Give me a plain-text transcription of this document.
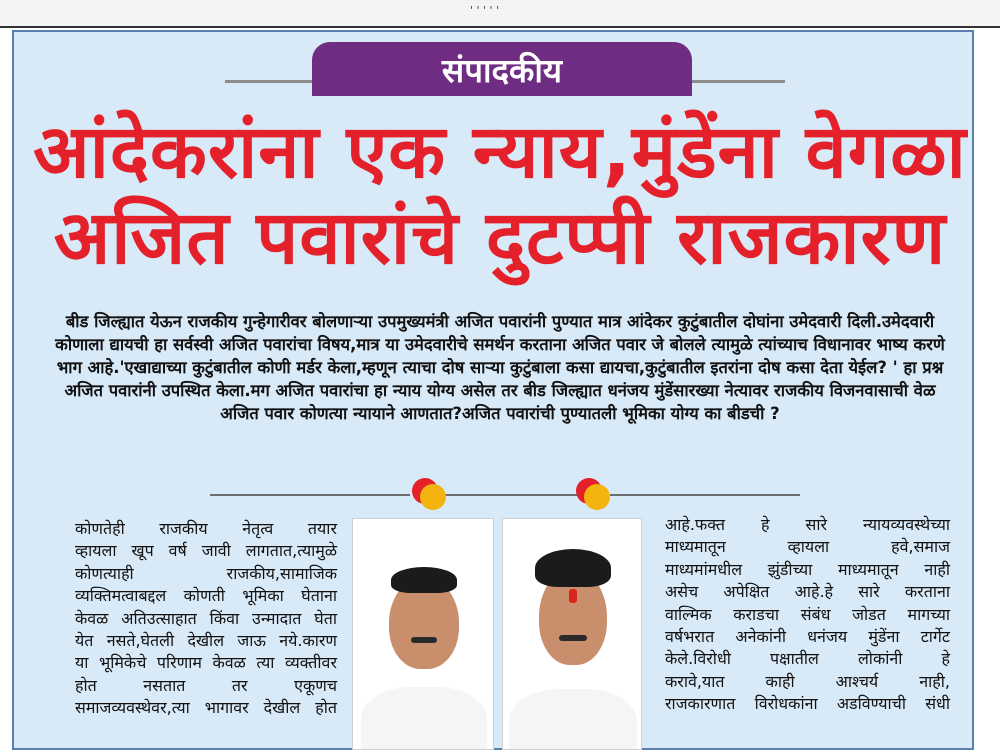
' ' ' ' '
संपादकीय
आंदेकरांना एक न्याय,मुंडेंना वेगळा
अजित पवारांचे दुटप्पी राजकारण
बीड जिल्ह्यात येऊन राजकीय गुन्हेगारीवर बोलणाऱ्या उपमुख्यमंत्री अजित पवारांनी पुण्यात मात्र आंदेकर कुटुंबातील दोघांना उमेदवारी दिली.उमेदवारी कोणाला द्यायची हा सर्वस्वी अजित पवारांचा विषय,मात्र या उमेदवारीचे समर्थन करताना अजित पवार जे बोलले त्यामुळे त्यांच्याच विधानावर भाष्य करणे भाग आहे.'एखाद्याच्या कुटुंबातील कोणी मर्डर केला,म्हणून त्याचा दोष साऱ्या कुटुंबाला कसा द्यायचा,कुटुंबातील इतरांना दोष कसा देता येईल? ' हा प्रश्न अजित पवारांनी उपस्थित केला.मग अजित पवारांचा हा न्याय योग्य असेल तर बीड जिल्ह्यात धनंजय मुंडेंसारख्या नेत्यावर राजकीय विजनवासाची वेळ अजित पवार कोणत्या न्यायाने आणतात?अजित पवारांची पुण्यातली भूमिका योग्य का बीडची ?

कोणतेही राजकीय नेतृत्व तयार

व्हायला खूप वर्ष जावी लागतात,त्यामुळे

कोणत्याही राजकीय,सामाजिक

व्यक्तिमत्वाबद्दल कोणती भूमिका घेताना

केवळ अतिउत्साहात किंवा उन्मादात घेता

येत नसते,घेतली देखील जाऊ नये.कारण

या भूमिकेचे परिणाम केवळ त्या व्यक्तीवर

होत नसतात तर एकूणच

समाजव्यवस्थेवर,त्या भागावर देखील होत

आहे.फक्त हे सारे न्यायव्यवस्थेच्या

माध्यमातून व्हायला हवे,समाज

माध्यमांमधील झुंडीच्या माध्यमातून नाही

असेच अपेक्षित आहे.हे सारे करताना

वाल्मिक कराडचा संबंध जोडत मागच्या

वर्षभरात अनेकांनी धनंजय मुंडेंना टार्गेट

केले.विरोधी पक्षातील लोकांनी हे

करावे,यात काही आश्चर्य नाही,

राजकारणात विरोधकांना अडविण्याची संधी
